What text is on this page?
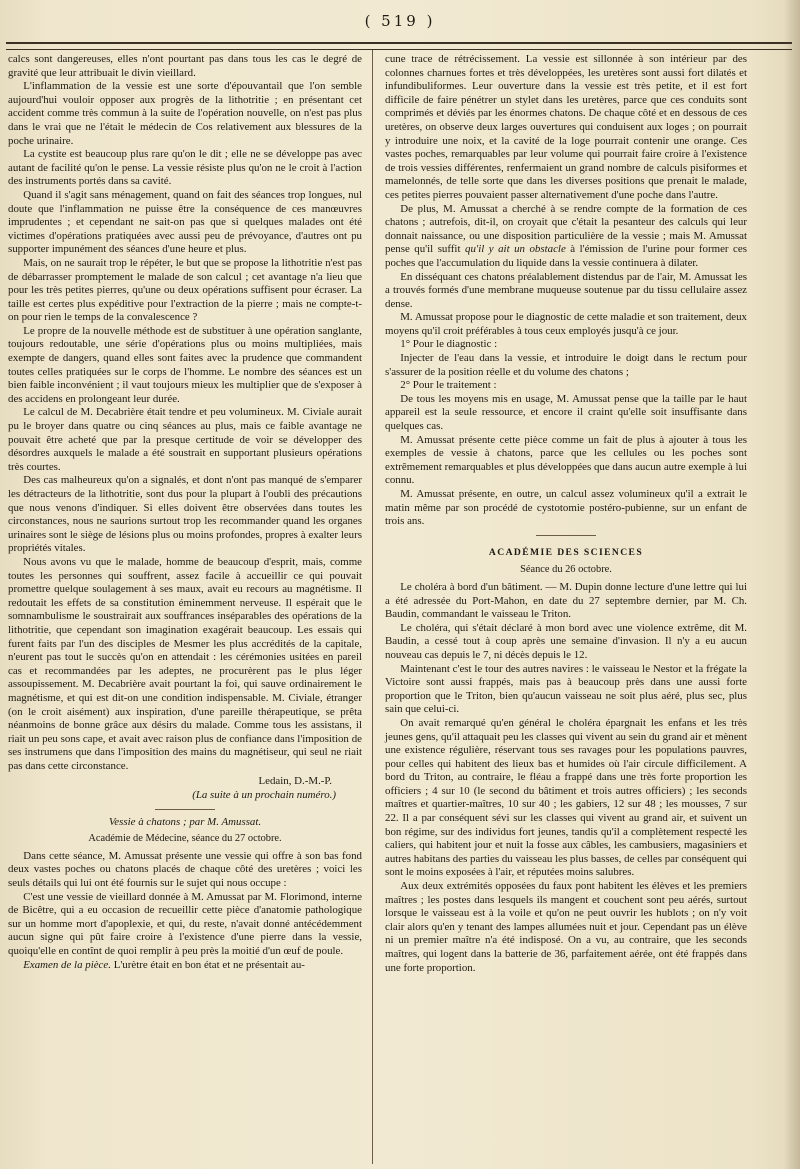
( 519 )

calcs sont dangereuses, elles n'ont pourtant pas dans tous les cas le degré de gravité que leur attribuait le divin vieillard.

L'inflammation de la vessie est une sorte d'épouvantail que l'on semble aujourd'hui vouloir opposer aux progrès de la lithotritie ; en présentant cet accident comme très commun à la suite de l'opération nouvelle, on n'est pas plus dans le vrai que ne l'était le médecin de Cos relativement aux blessures de la poche urinaire.

La cystite est beaucoup plus rare qu'on le dit ; elle ne se développe pas avec autant de facilité qu'on le pense. La vessie résiste plus qu'on ne le croit à l'action des instruments portés dans sa cavité.

Quand il s'agit sans ménagement, quand on fait des séances trop longues, nul doute que l'inflammation ne puisse être la conséquence de ces manœuvres imprudentes ; et cependant ne sait-on pas que si quelques malades ont été victimes d'opérations pratiquées avec aussi peu de prévoyance, d'autres ont pu supporter impunément des séances d'une heure et plus.

Mais, on ne saurait trop le répéter, le but que se propose la lithotritie n'est pas de débarrasser promptement le malade de son calcul ; cet avantage n'a lieu que pour les très petites pierres, qu'une ou deux opérations suffisent pour écraser. La taille est certes plus expéditive pour l'extraction de la pierre ; mais ne compte-t-on pour rien le temps de la convalescence ?

Le propre de la nouvelle méthode est de substituer à une opération sanglante, toujours redoutable, une série d'opérations plus ou moins multipliées, mais exempte de dangers, quand elles sont faites avec la prudence que commandent toutes celles pratiquées sur le corps de l'homme. Le nombre des séances est un bien faible inconvénient ; il vaut toujours mieux les multiplier que de s'exposer à des accidens en prolongeant leur durée.

Le calcul de M. Decabrière était tendre et peu volumineux. M. Civiale aurait pu le broyer dans quatre ou cinq séances au plus, mais ce faible avantage ne pouvait être acheté que par la presque certitude de voir se développer des désordres auxquels le malade a été soustrait en supportant plusieurs opérations très courtes.

Des cas malheureux qu'on a signalés, et dont n'ont pas manqué de s'emparer les détracteurs de la lithotritie, sont dus pour la plupart à l'oubli des précautions que nous venons d'indiquer. Si elles doivent être observées dans toutes les circonstances, nous ne saurions surtout trop les recommander quand les organes urinaires sont le siège de lésions plus ou moins profondes, propres à exalter leurs propriétés vitales.

Nous avons vu que le malade, homme de beaucoup d'esprit, mais, comme toutes les personnes qui souffrent, assez facile à accueillir ce qui pouvait promettre quelque soulagement à ses maux, avait eu recours au magnétisme. Il redoutait les effets de sa constitution éminemment nerveuse. Il espérait que le somnambulisme le soustrairait aux souffrances inséparables des opérations de la lithotritie, que cependant son imagination exagérait beaucoup. Les essais qui furent faits par l'un des disciples de Mesmer les plus accrédités de la capitale, n'eurent pas tout le succès qu'on en attendait : les cérémonies usitées en pareil cas et recommandées par les adeptes, ne procurèrent pas le plus léger assoupissement. M. Decabrière avait pourtant la foi, qui sauve ordinairement le magnétisme, et qui est dit-on une condition indispensable. M. Civiale, étranger (on le croit aisément) aux inspiration, d'une pareille thérapeutique, se prêta néanmoins de bonne grâce aux désirs du malade. Comme tous les assistans, il riait un peu sons cape, et avait avec raison plus de confiance dans l'imposition de ses instrumens que dans l'imposition des mains du magnétiseur, qui seul ne riait pas dans cette circonstance.

Ledain, D.-M.-P.

(La suite à un prochain numéro.)

Vessie à chatons ; par M. Amussat.

Académie de Médecine, séance du 27 octobre.

Dans cette séance, M. Amussat présente une vessie qui offre à son bas fond deux vastes poches ou chatons placés de chaque côté des uretères ; voici les seuls détails qui lui ont été fournis sur le sujet qui nous occupe :

C'est une vessie de vieillard donnée à M. Amussat par M. Florimond, interne de Bicêtre, qui a eu occasion de recueillir cette pièce d'anatomie pathologique sur un homme mort d'apoplexie, et qui, du reste, n'avait donné antécédemment aucun signe qui pût faire croire à l'existence d'une pierre dans la vessie, quoiqu'elle en contînt de quoi remplir à peu près la moitié d'un œuf de poule.

Examen de la pièce. L'urètre était en bon état et ne présentait au-

cune trace de rétrécissement. La vessie est sillonnée à son intérieur par des colonnes charnues fortes et très développées, les uretères sont aussi fort dilatés et infundibuliformes. Leur ouverture dans la vessie est très petite, et il est fort difficile de faire pénétrer un stylet dans les uretères, parce que ces conduits sont comprimés et déviés par les énormes chatons. De chaque côté et en dessous de ces uretères, on observe deux larges ouvertures qui conduisent aux loges ; on pourrait y introduire une noix, et la cavité de la loge pourrait contenir une orange. Ces vastes poches, remarquables par leur volume qui pourrait faire croire à l'existence de trois vessies différentes, renfermaient un grand nombre de calculs pisiformes et mamelonnés, de telle sorte que dans les diverses positions que prenait le malade, ces petites pierres pouvaient passer alternativement d'une poche dans l'autre.

De plus, M. Amussat a cherché à se rendre compte de la formation de ces chatons ; autrefois, dit-il, on croyait que c'était la pesanteur des calculs qui leur donnait naissance, ou une disposition particulière de la vessie ; mais M. Amussat pense qu'il suffit qu'il y ait un obstacle à l'émission de l'urine pour former ces poches que l'accumulation du liquide dans la vessie continuera à dilater.

En disséquant ces chatons préalablement distendus par de l'air, M. Amussat les a trouvés formés d'une membrane muqueuse soutenue par du tissu cellulaire assez dense.

M. Amussat propose pour le diagnostic de cette maladie et son traitement, deux moyens qu'il croit préférables à tous ceux employés jusqu'à ce jour.

1° Pour le diagnostic :

Injecter de l'eau dans la vessie, et introduire le doigt dans le rectum pour s'assurer de la position réelle et du volume des chatons ;

2° Pour le traitement :

De tous les moyens mis en usage, M. Amussat pense que la taille par le haut appareil est la seule ressource, et encore il craint qu'elle soit insuffisante dans quelques cas.

M. Amussat présente cette pièce comme un fait de plus à ajouter à tous les exemples de vessie à chatons, parce que les cellules ou les poches sont extrêmement remarquables et plus développées que dans aucun autre exemple à lui connu.

M. Amussat présente, en outre, un calcul assez volumineux qu'il a extrait le matin même par son procédé de cystotomie postéro-pubienne, sur un enfant de trois ans.

ACADÉMIE DES SCIENCES

Séance du 26 octobre.

Le choléra à bord d'un bâtiment. — M. Dupin donne lecture d'une lettre qui lui a été adressée du Port-Mahon, en date du 27 septembre dernier, par M. Ch. Baudin, commandant le vaisseau le Triton.

Le choléra, qui s'était déclaré à mon bord avec une violence extrême, dit M. Baudin, a cessé tout à coup après une semaine d'invasion. Il n'y a eu aucun nouveau cas depuis le 7, ni décès depuis le 12.

Maintenant c'est le tour des autres navires : le vaisseau le Nestor et la frégate la Victoire sont aussi frappés, mais pas à beaucoup près dans une aussi forte proportion que le Triton, bien qu'aucun vaisseau ne soit plus aéré, plus sec, plus sain que celui-ci.

On avait remarqué qu'en général le choléra épargnait les enfans et les très jeunes gens, qu'il attaquait peu les classes qui vivent au sein du grand air et mènent une existence régulière, réservant tous ses ravages pour les populations pauvres, pour celles qui habitent des lieux bas et humides où l'air circule difficilement. A bord du Triton, au contraire, le fléau a frappé dans une très forte proportion les officiers ; 4 sur 10 (le second du bâtiment et trois autres officiers) ; les seconds maîtres et quartier-maîtres, 10 sur 40 ; les gabiers, 12 sur 48 ; les mousses, 7 sur 22. Il a par conséquent sévi sur les classes qui vivent au grand air, et suivent un bon régime, sur des individus fort jeunes, tandis qu'il a complètement respecté les caliers, qui habitent jour et nuit la fosse aux câbles, les cambusiers, magasiniers et autres habitans des parties du vaisseau les plus basses, de celles par conséquent qui sont le moins exposées à l'air, et réputées moins salubres.

Aux deux extrémités opposées du faux pont habitent les élèves et les premiers maîtres ; les postes dans lesquels ils mangent et couchent sont peu aérés, surtout lorsque le vaisseau est à la voile et qu'on ne peut ouvrir les hublots ; on n'y voit clair alors qu'en y tenant des lampes allumées nuit et jour. Cependant pas un élève ni un premier maître n'a été indisposé. On a vu, au contraire, que les seconds maîtres, qui logent dans la batterie de 36, parfaitement aérée, ont été frappés dans une forte proportion.
